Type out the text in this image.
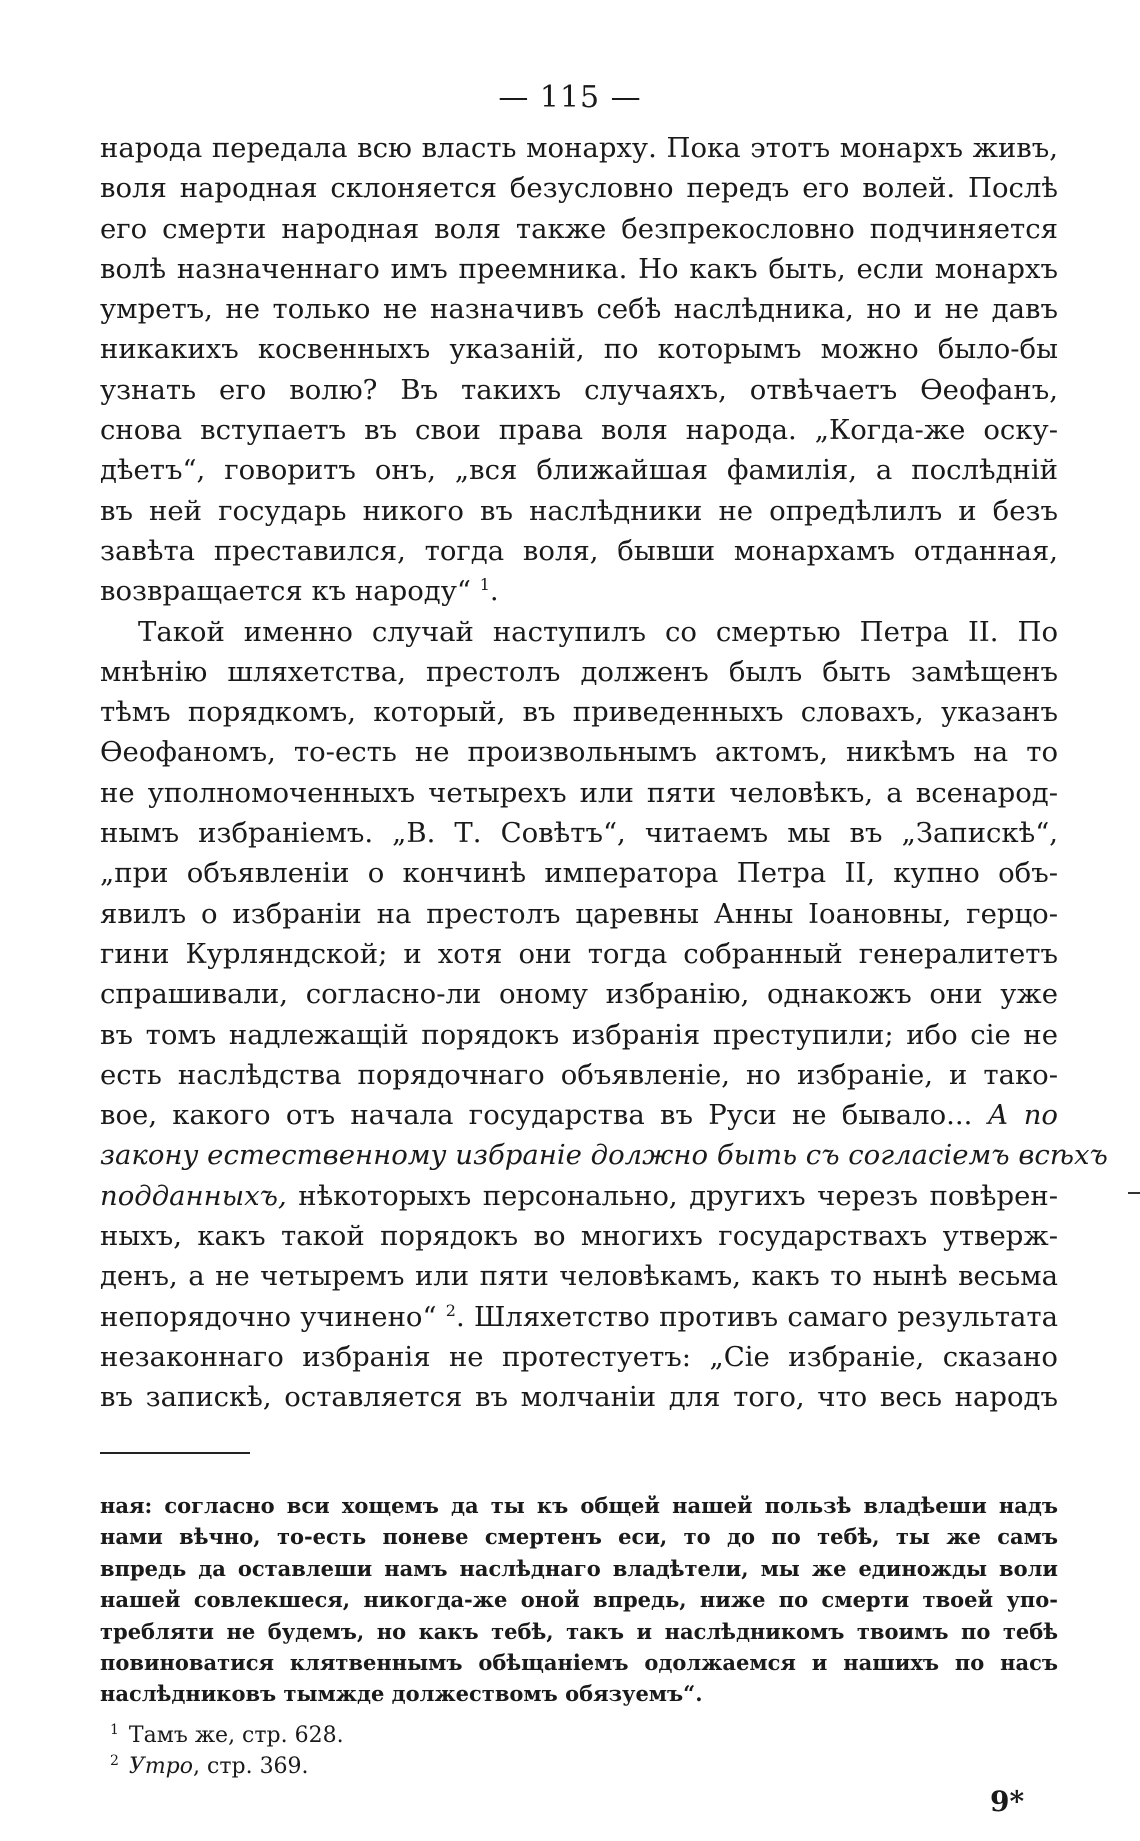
— 115 —
народа передала всю власть монарху. Пока этотъ монархъ живъ,
воля народная склоняется безусловно передъ его волей. Послѣ
его смерти народная воля также безпрекословно подчиняется
волѣ назначеннаго имъ преемника. Но какъ быть, если монархъ
умретъ, не только не назначивъ себѣ наслѣдника, но и не давъ
никакихъ косвенныхъ указаній, по которымъ можно было-бы
узнать его волю? Въ такихъ случаяхъ, отвѣчаетъ Ѳеофанъ,
снова вступаетъ въ свои права воля народа. „Когда-же оску-
дѣетъ“, говоритъ онъ, „вся ближайшая фамилія, а послѣдній
въ ней государь никого въ наслѣдники не опредѣлилъ и безъ
завѣта преставился, тогда воля, бывши монархамъ отданная,
возвращается къ народу“ $^1$.
Такой именно случай наступилъ со смертью Петра II. По
мнѣнію шляхетства, престолъ долженъ былъ быть замѣщенъ
тѣмъ порядкомъ, который, въ приведенныхъ словахъ, указанъ
Ѳеофаномъ, то-есть не произвольнымъ актомъ, никѣмъ на то
не уполномоченныхъ четырехъ или пяти человѣкъ, а всенарод-
нымъ избраніемъ. „В. Т. Совѣтъ“, читаемъ мы въ „Запискѣ“,
„при объявленіи о кончинѣ императора Петра II, купно объ-
явилъ о избраніи на престолъ царевны Анны Іоановны, герцо-
гини Курляндской; и хотя они тогда собранный генералитетъ
спрашивали, согласно-ли оному избранію, однакожъ они уже
въ томъ надлежащій порядокъ избранія преступили; ибо сіе не
есть наслѣдства порядочнаго объявленіе, но избраніе, и тако-
вое, какого отъ начала государства въ Руси не бывало... А по
закону естественному избраніе должно быть съ согласіемъ всѣхъ
подданныхъ, нѣкоторыхъ персонально, другихъ черезъ повѣрен-
ныхъ, какъ такой порядокъ во многихъ государствахъ утверж-
денъ, а не четыремъ или пяти человѣкамъ, какъ то нынѣ весьма
непорядочно учинено“ $^2$. Шляхетство противъ самаго результата
незаконнаго избранія не протестуетъ: „Сіе избраніе, сказано
въ запискѣ, оставляется въ молчаніи для того, что весь народъ
ная: согласно вси хощемъ да ты къ общей нашей пользѣ владѣеши надъ
нами вѣчно, то-есть поневе смертенъ еси, то до по тебѣ, ты же самъ
впредь да оставлеши намъ наслѣднаго владѣтели, мы же единожды воли
нашей совлекшеся, никогда-же оной впредь, ниже по смерти твоей упо-
требляти не будемъ, но какъ тебѣ, такъ и наслѣдникомъ твоимъ по тебѣ
повиноватися клятвеннымъ обѣщаніемъ одолжаемся и нашихъ по насъ
наслѣдниковъ тымжде должествомъ обязуемъ“.
$^1$ Тамъ же, стр. 628.
$^2$ Утро, стр. 369.
9*
